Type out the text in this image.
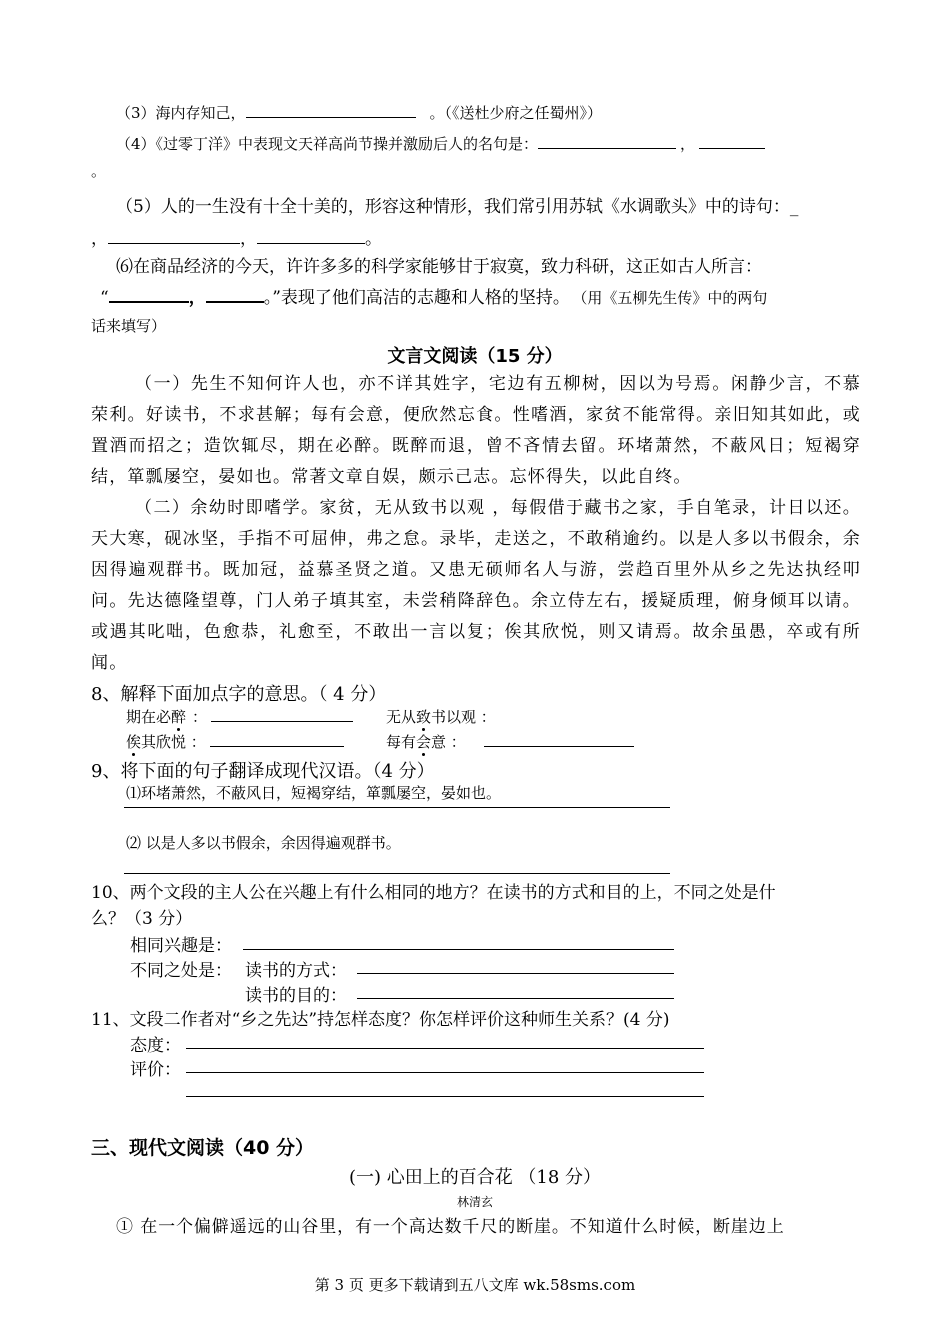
（3）海内存知己，	。（《送杜少府之任蜀州》）
（4）《过零丁洋》中表现文天祥高尚节操并激励后人的名句是：	，
。
（5）人的一生没有十全十美的，形容这种情形，我们常引用苏轼《水调歌头》中的诗句：_
，	，	。
⑹在商品经济的今天，许许多多的科学家能够甘于寂寞，致力科研，这正如古人所言：
“	，	。”表现了他们高洁的志趣和人格的坚持。 （用《五柳先生传》中的两句
话来填写）
文言文阅读（15 分）
（一）先生不知何许人也，亦不详其姓字，宅边有五柳树，因以为号焉。闲静少言，不慕荣利。好读书，不求甚解；每有会意，便欣然忘食。性嗜酒，家贫不能常得。亲旧知其如此，或置酒而招之；造饮辄尽，期在必醉。既醉而退，曾不吝情去留。环堵萧然，不蔽风日；短褐穿结，箪瓢屡空，晏如也。常著文章自娱，颇示己志。忘怀得失，以此自终。
（二）余幼时即嗜学。家贫，无从致书以观 ，每假借于藏书之家，手自笔录，计日以还。天大寒，砚冰坚，手指不可屈伸，弗之怠。录毕，走送之，不敢稍逾约。以是人多以书假余，余因得遍观群书。既加冠，益慕圣贤之道。又患无硕师名人与游，尝趋百里外从乡之先达执经叩问。先达德隆望尊，门人弟子填其室，未尝稍降辞色。余立侍左右，援疑质理，俯身倾耳以请。或遇其叱咄，色愈恭，礼愈至，不敢出一言以复；俟其欣悦，则又请焉。故余虽愚，卒或有所闻。
8、解释下面加点字的意思。（ 4 分）
期在必醉 ：	无从致书以观 ：
俟其欣悦 ：	每有会意 ：
9、将下面的句子翻译成现代汉语。（4 分）
⑴环堵萧然，不蔽风日，短褐穿结，箪瓢屡空，晏如也。
⑵ 以是人多以书假余，余因得遍观群书。
10、两个文段的主人公在兴趣上有什么相同的地方？在读书的方式和目的上，不同之处是什
么？（3 分）
相同兴趣是：
不同之处是： 读书的方式：
读书的目的：
11、文段二作者对“乡之先达”持怎样态度？你怎样评价这种师生关系？(4 分)
态度：
评价：
三、现代文阅读（40 分）
(一) 心田上的百合花 （18 分）
林清玄
① 在一个偏僻遥远的山谷里，有一个高达数千尺的断崖。不知道什么时候，断崖边上
第 3 页 更多下载请到五八文库 wk.58sms.com
